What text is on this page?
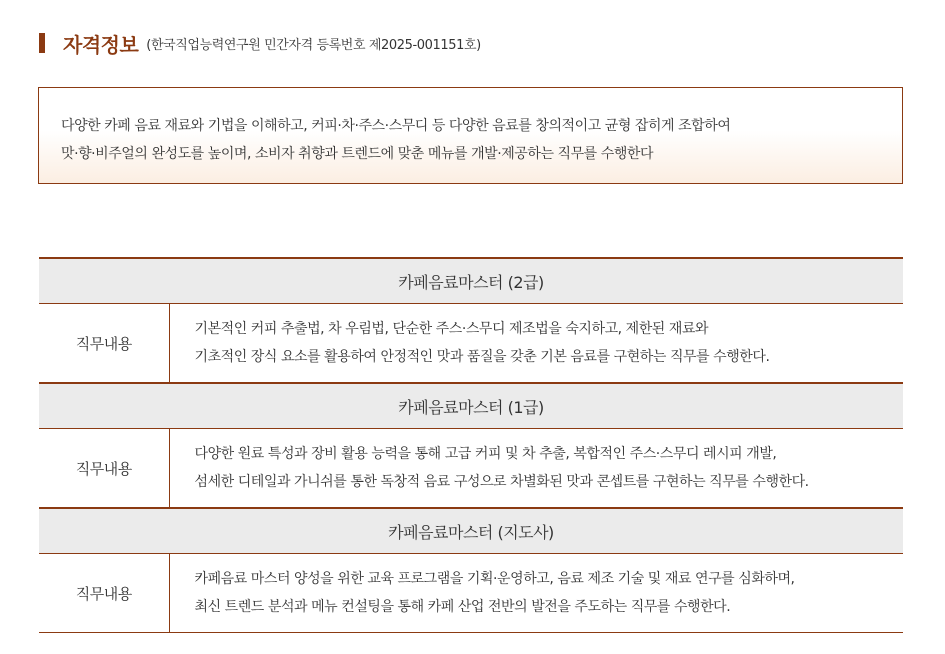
자격정보 (한국직업능력연구원 민간자격 등록번호 제2025-001151호)
다양한 카페 음료 재료와 기법을 이해하고, 커피·차·주스·스무디 등 다양한 음료를 창의적이고 균형 잡히게 조합하여
맛·향·비주얼의 완성도를 높이며, 소비자 취향과 트렌드에 맞춘 메뉴를 개발·제공하는 직무를 수행한다
카페음료마스터 (2급)	
직무내용	기본적인 커피 추출법, 차 우림법, 단순한 주스·스무디 제조법을 숙지하고, 제한된 재료와
기초적인 장식 요소를 활용하여 안정적인 맛과 품질을 갖춘 기본 음료를 구현하는 직무를 수행한다.

카페음료마스터 (1급)	
직무내용	다양한 원료 특성과 장비 활용 능력을 통해 고급 커피 및 차 추출, 복합적인 주스·스무디 레시피 개발,
섬세한 디테일과 가니쉬를 통한 독창적 음료 구성으로 차별화된 맛과 콘셉트를 구현하는 직무를 수행한다.

카페음료마스터 (지도사)	
직무내용	카페음료 마스터 양성을 위한 교육 프로그램을 기획·운영하고, 음료 제조 기술 및 재료 연구를 심화하며,
최신 트렌드 분석과 메뉴 컨설팅을 통해 카페 산업 전반의 발전을 주도하는 직무를 수행한다.
